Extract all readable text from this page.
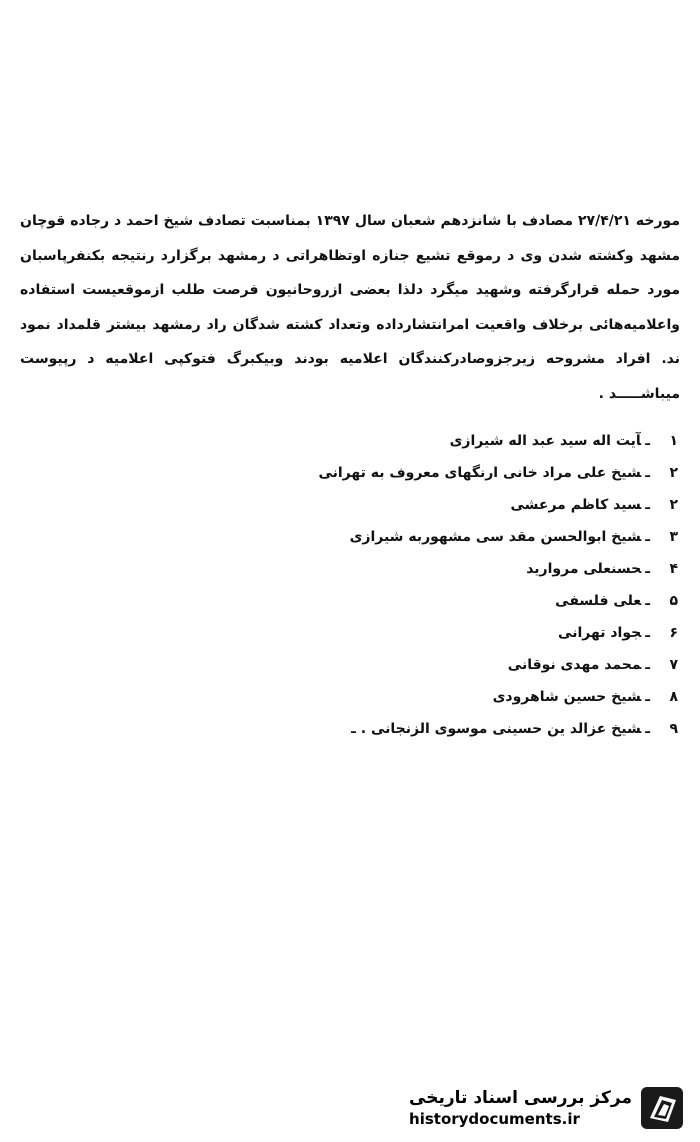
مورخه ۲۷/۴/۲۱ مصادف با شانزدهم شعبان سال ۱۳۹۷ بمناسبت تصادف شیخ احمد د رجاده قوچان مشهد وکشته شدن وی د رموقع تشیع جنازه اوتظاهراتی د رمشهد برگزارد رنتیجه بکنفرپاسبان مورد حمله قرارگرفته وشهید میگرد دلذا بعضی ازروحانیون فرصت طلب ازموقعیست استفاده واعلامیه‌هائی برخلاف واقعیت امرانتشارداده وتعداد کشته شدگان راد رمشهد بیشتر قلمداد نمود ند. افراد مشروحه زیرجزوصادرکنندگان اعلامیه بودند وبیکبرگ فتوکپی اعلامیه د رپیوست میباشـــــد .

۱ـآیت اله سید عبد اله شیرازی
۲ـشیخ علی مراد خانی ارنگهای معروف به تهرانی
۲ـسید کاظم مرعشی
۳ـشیخ ابوالحسن مقد سی مشهوربه شیرازی
۴ـحسنعلی مروارید
۵ـعلی فلسفی
۶ـجواد تهرانی
۷ـمحمد مهدی نوقانی
۸ـشیخ حسین شاهرودی
۹ـشیخ عزالد ین حسینی موسوی الزنجانی . ـ
مرکز بررسی اسناد تاریخی
historydocuments.ir
